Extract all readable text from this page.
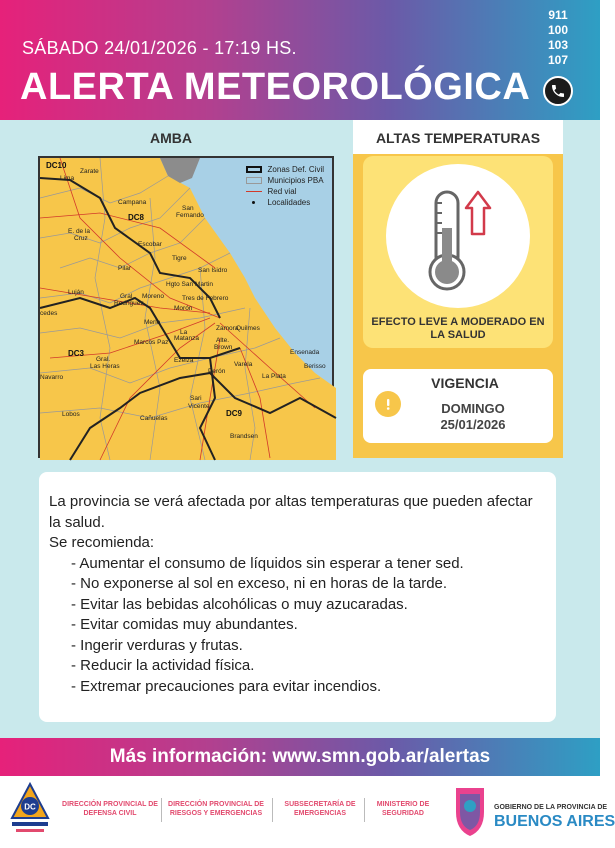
SÁBADO 24/01/2026 - 17:19 HS.
ALERTA METEOROLÓGICA
911
100
103
107
AMBA
DC10
DC8
DC3
DC9
Zarate
Lima
Campana
San
Fernando
E. de la
Cruz
Escobar
Tigre
Pilar	San Isidro
Luján
Gral.
Rodriguez
Moreno
Hgto San Martin
Tres de Febrero
Morón
Merlo
La
Matanza
Zamora
Quilmes
Marcos Paz	Alte.
Brown
Ensenada
Berisso
Gral.
Las Heras
Ezeiza
Varela
La Plata
Navarro
Cañuelas
Sari
Vicente
Lobos
Brandsen
Perón
cedes
Zonas Def. Civil
Municipios PBA
Red vial
Localidades
ALTAS TEMPERATURAS
EFECTO LEVE A MODERADO EN LA SALUD
VIGENCIA
DOMINGO
25/01/2026

La provincia se verá afectada por altas temperaturas que pueden afectar la salud.

Se recomienda:

- Aumentar el consumo de líquidos sin esperar a tener sed.
- No exponerse al sol en exceso, ni en horas de la tarde.
- Evitar las bebidas alcohólicas o muy azucaradas.
- Evitar comidas muy abundantes.
- Ingerir verduras y frutas.
- Reducir la actividad física.
- Extremar precauciones para evitar incendios.
Más información: www.smn.gob.ar/alertas
DC	DIRECCIÓN PROVINCIAL DE DEFENSA CIVIL
DIRECCIÓN PROVINCIAL DE RIESGOS Y EMERGENCIAS
SUBSECRETARÍA DE EMERGENCIAS
MINISTERIO DE SEGURIDAD
GOBIERNO DE LA PROVINCIA DE
BUENOS AIRES
